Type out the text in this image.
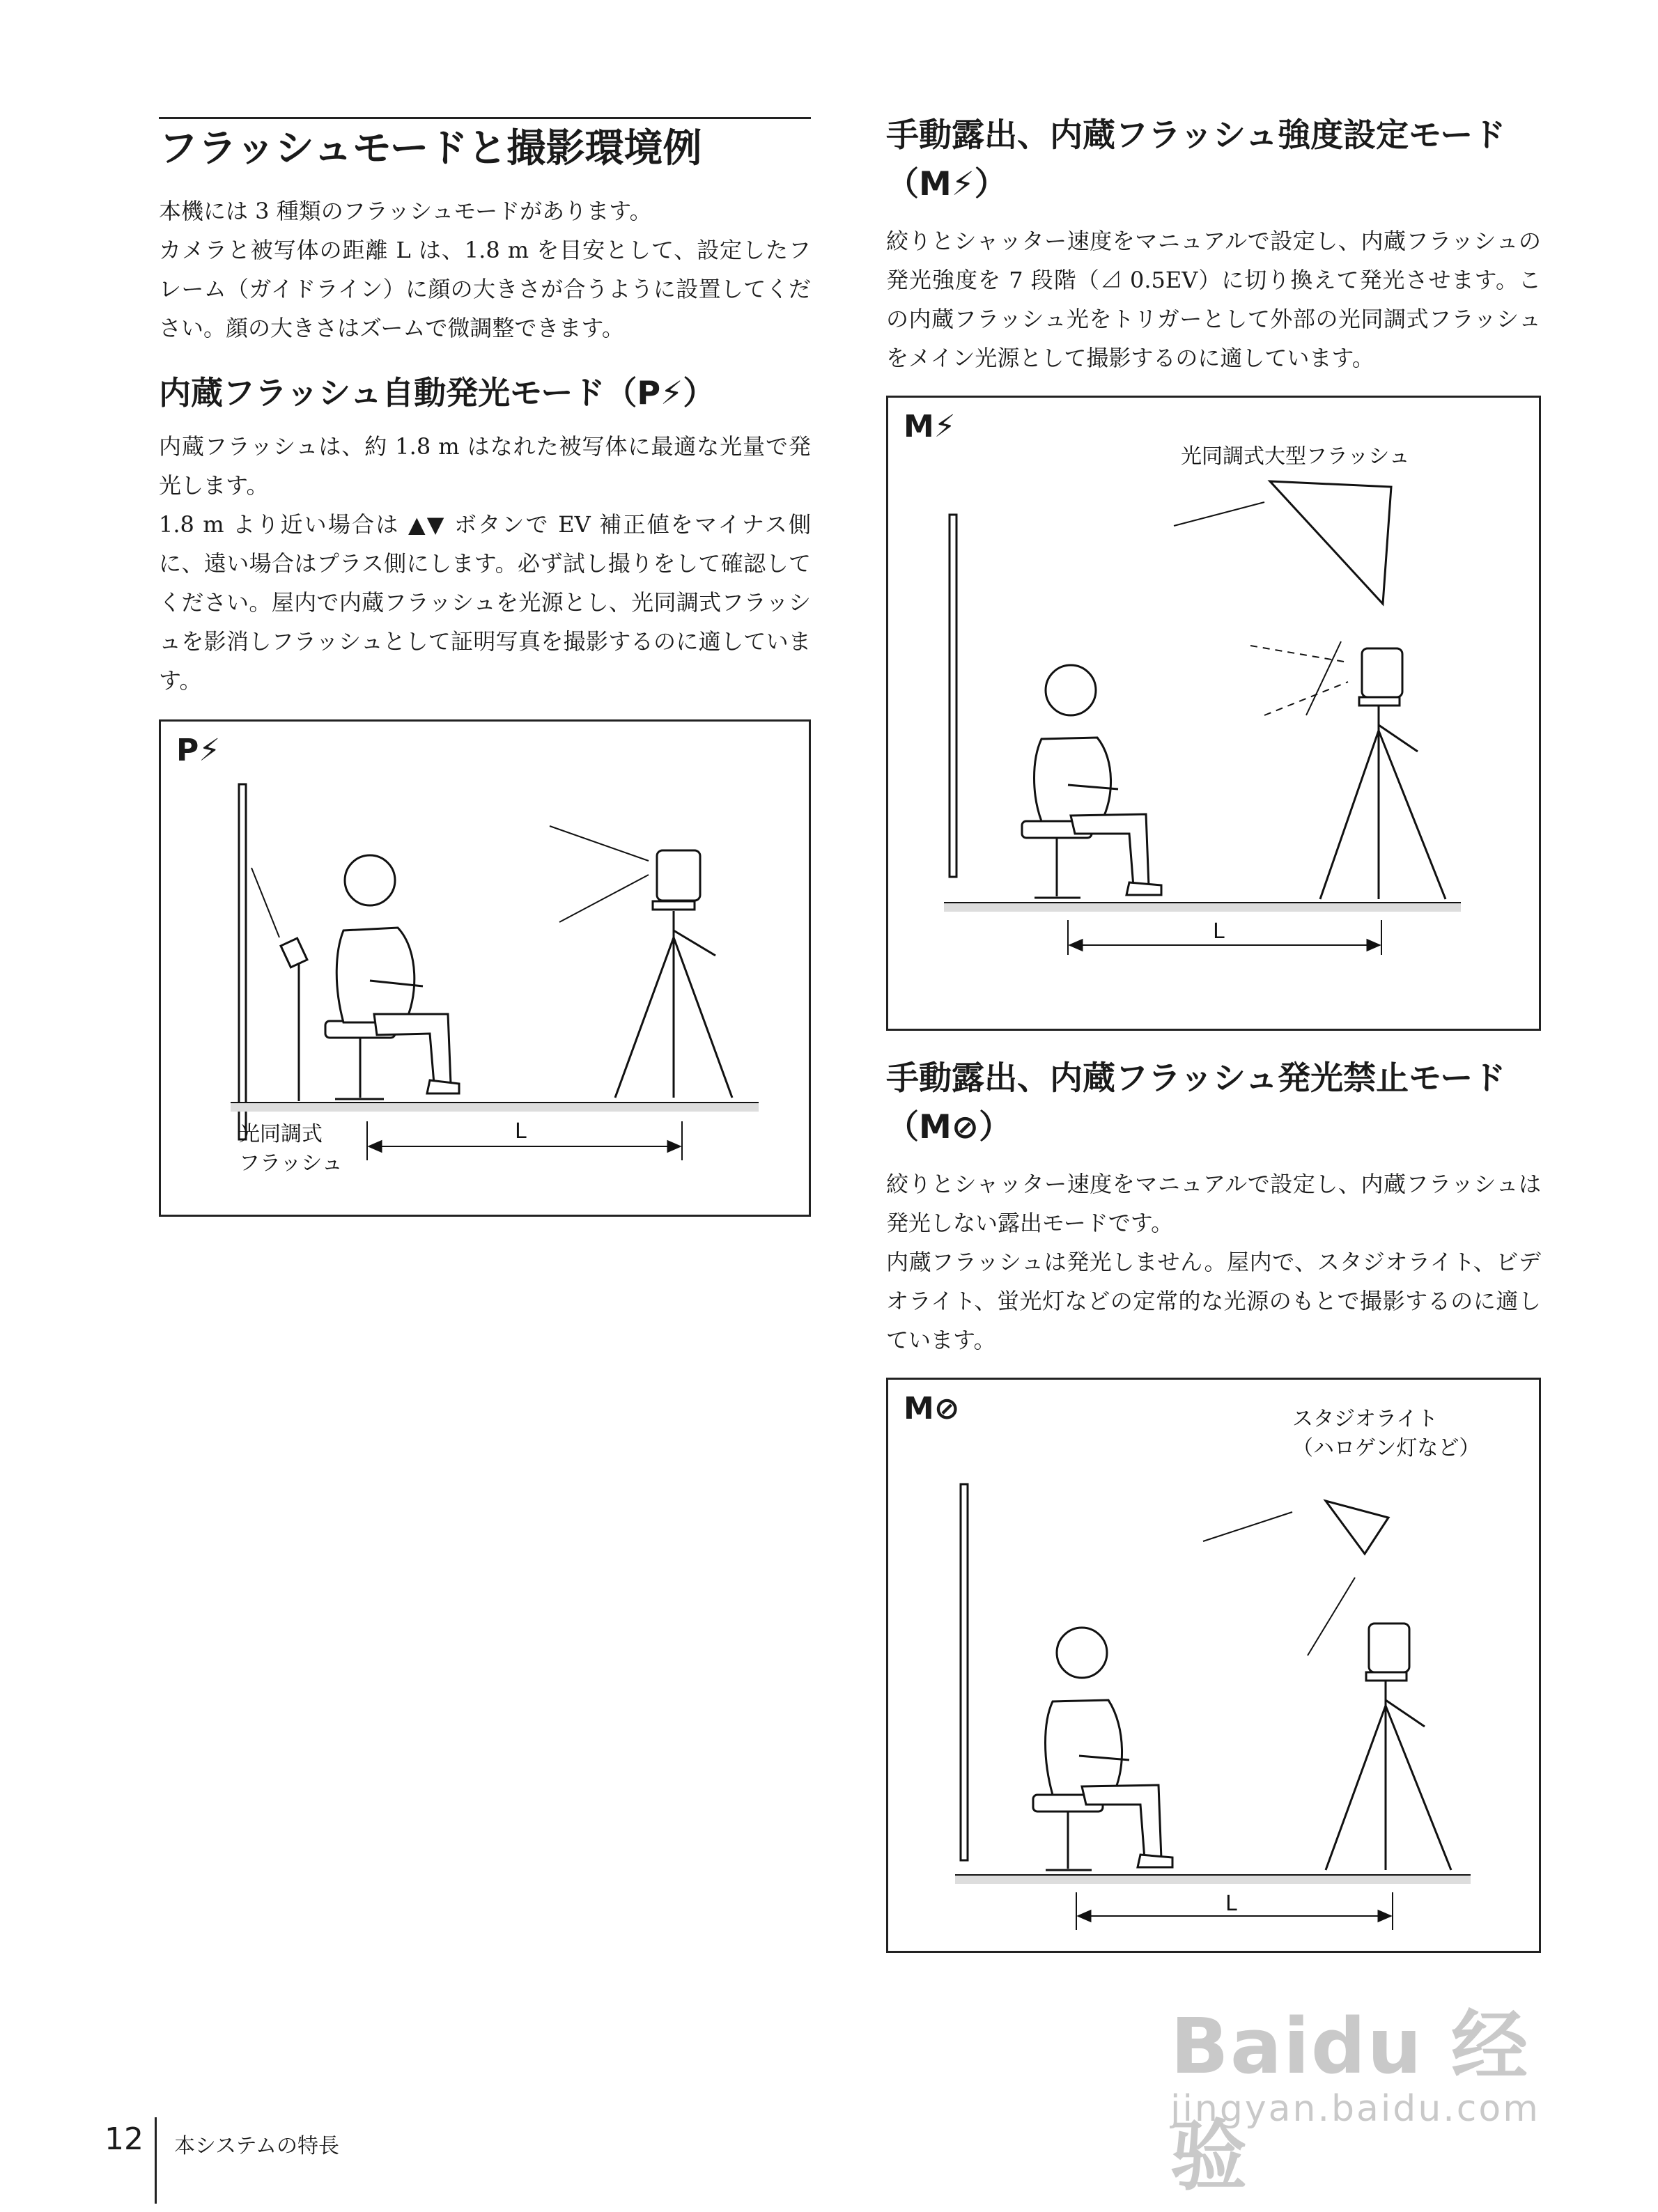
フラッシュモードと撮影環境例

本機には 3 種類のフラッシュモードがあります。

カメラと被写体の距離 L は、1.8 m を目安として、設定したフレーム（ガイドライン）に顔の大きさが合うように設置してください。顔の大きさはズームで微調整できます。

内蔵フラッシュ自動発光モード（P⚡）

内蔵フラッシュは、約 1.8 m はなれた被写体に最適な光量で発光します。

1.8 m より近い場合は ▲▼ ボタンで EV 補正値をマイナス側に、遠い場合はプラス側にします。必ず試し撮りをして確認してください。屋内で内蔵フラッシュを光源とし、光同調式フラッシュを影消しフラッシュとして証明写真を撮影するのに適しています。

P⚡
L
光同調式
フラッシュ
手動露出、内蔵フラッシュ強度設定モード（M⚡）

絞りとシャッター速度をマニュアルで設定し、内蔵フラッシュの発光強度を 7 段階（⊿ 0.5EV）に切り換えて発光させます。この内蔵フラッシュ光をトリガーとして外部の光同調式フラッシュをメイン光源として撮影するのに適しています。

M⚡
光同調式大型フラッシュ
L
手動露出、内蔵フラッシュ発光禁止モード（M⊘）

絞りとシャッター速度をマニュアルで設定し、内蔵フラッシュは発光しない露出モードです。

内蔵フラッシュは発光しません。屋内で、スタジオライト、ビデオライト、蛍光灯などの定常的な光源のもとで撮影するのに適しています。

M⊘	スタジオライト
（ハロゲン灯など）
L
12 本システムの特長
Baidu 经验
jingyan.baidu.com
